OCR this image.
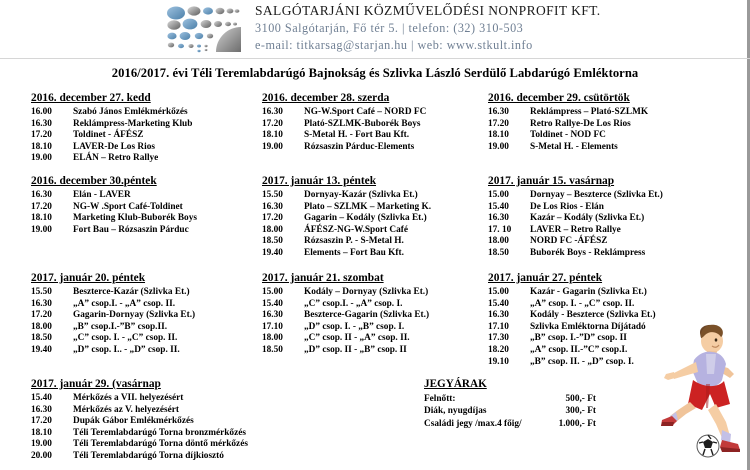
SALGÓTARJÁNI KÖZMŰVELŐDÉSI NONPROFIT KFT.
3100 Salgótarján, Fő tér 5. | telefon: (32) 310-503
e-mail: titkarsag@starjan.hu | web: www.stkult.info
2016/2017. évi Téli Teremlabdarúgó Bajnokság és Szlivka László Serdülő Labdarúgó Emléktorna
2016. december 27. kedd
16.00	Szabó János Emlékmérkőzés
16.30	Reklámpress-Marketing Klub
17.20	Toldinet - ÁFÉSZ
18.10	LAVER-De Los Rios
19.00	ELÁN – Retro Rallye
2016. december 28. szerda
16.30	NG-W.Sport Café – NORD FC
17.20	Plató-SZLMK-Buborék Boys
18.10	S-Metal H. - Fort Bau Kft.
19.00	Rózsaszin Párduc-Elements
2016. december 29. csütörtök
16.30	Reklámpress – Plató-SZLMK
17.20	Retro Rallye-De Los Rios
18.10	Toldinet - NOD FC
19.00	S-Metal H. - Elements
2016. december 30.péntek
16.30	Elán - LAVER
17.20	NG-W .Sport Café-Toldinet
18.10	Marketing Klub-Buborék Boys
19.00	Fort Bau – Rózsaszin Párduc
2017. január 13. péntek
15.50	Dornyay-Kazár (Szlivka Et.)
16.30	Plato – SZLMK – Marketing K.
17.20	Gagarin – Kodály (Szlivka Et.)
18.00	ÁFÉSZ-NG-W.Sport Café
18.50	Rózsaszin P. - S-Metal H.
19.40	Elements – Fort Bau Kft.
2017. január 15. vasárnap
15.00	Dornyay – Beszterce (Szlivka Et.)
15.40	De Los Rios - Elán
16.30	Kazár – Kodály (Szlivka Et.)
17. 10	LAVER – Retro Rallye
18.00	NORD FC -ÁFÉSZ
18.50	Buborék Boys - Reklámpress
2017. január 20. péntek
15.50	Beszterce-Kazár (Szlivka Et.)
16.30	„A” csop.I. - „A” csop. II.
17.20	Gagarin-Dornyay (Szlivka Et.)
18.00	„B” csop.I.-”B” csop.II.
18.50	„C” csop. I. - „C” csop. II.
19.40	„D” csop. I.. - „D” csop. II.
2017. január 21. szombat
15.00	Kodály – Dornyay (Szlivka Et.)
15.40	„C” csop.I. - „A” csop. I.
16.30	Beszterce-Gagarin (Szlivka Et.)
17.10	„D” csop. I. - „B” csop. I.
18.00	„C” csop. II - „A” csop. II.
18.50	„D” csop. II - „B” csop. II
2017. január 27. péntek
15.00	Kazár - Gagarin (Szlivka Et.)
15.40	„A” csop. I. - „C” csop. II.
16.30	Kodály - Beszterce (Szlivka Et.)
17.10	Szlivka Emléktorna Díjátadó
17.30	„B” csop. I.-”D” csop. II
18.20	„A” csop. II.-”C” csop.I.
19.10	„B” csop. II. - „D” csop. I.
2017. január 29. (vasárnap
15.40	Mérkőzés a VII. helyezésért
16.30	Mérkőzés az V. helyezésért
17.20	Dupák Gábor Emlékmérkőzés
18.10	Téli Teremlabdarúgó Torna bronzmérkőzés
19.00	Téli Teremlabdarúgó Torna döntő mérkőzés
20.00	Téli Teremlabdarúgó Torna díjkiosztó
JEGYÁRAK
Felnőtt:	500,- Ft
Diák, nyugdíjas	300,- Ft
Családi jegy /max.4 főig/	1.000,- Ft
